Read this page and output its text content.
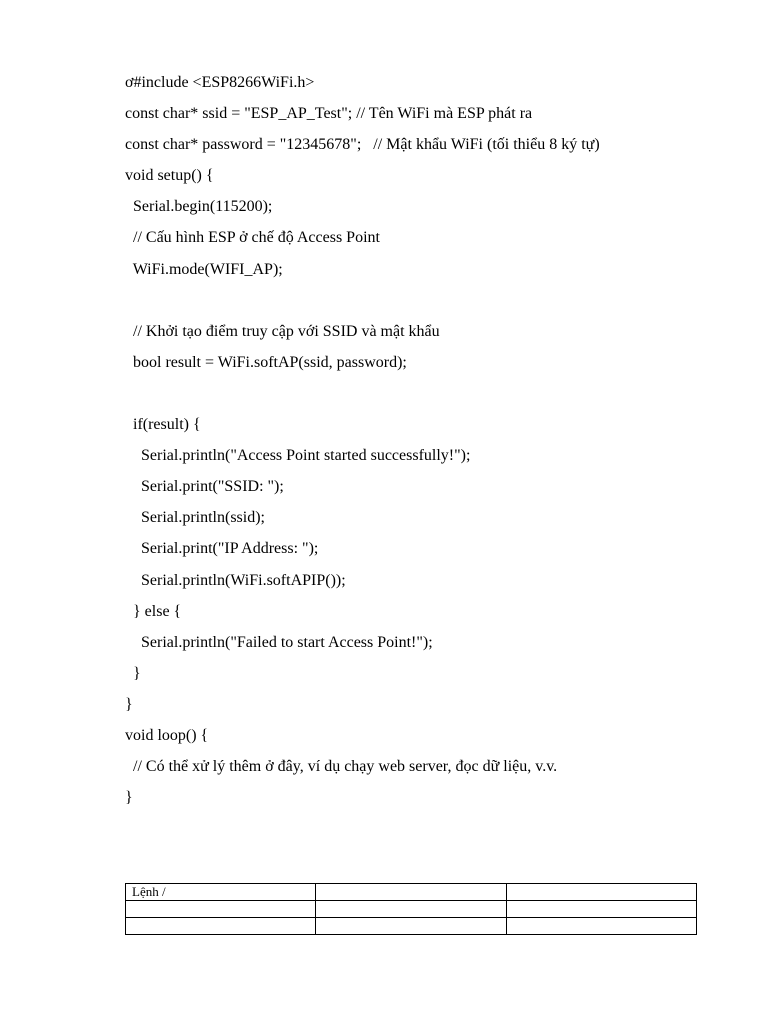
ơ#include <ESP8266WiFi.h>

const char* ssid = "ESP_AP_Test"; // Tên WiFi mà ESP phát ra

const char* password = "12345678";   // Mật khẩu WiFi (tối thiểu 8 ký tự)

void setup() {

Serial.begin(115200);

// Cấu hình ESP ở chế độ Access Point

WiFi.mode(WIFI_AP);

// Khởi tạo điểm truy cập với SSID và mật khẩu

bool result = WiFi.softAP(ssid, password);

if(result) {

Serial.println("Access Point started successfully!");

Serial.print("SSID: ");

Serial.println(ssid);

Serial.print("IP Address: ");

Serial.println(WiFi.softAPIP());

} else {

Serial.println("Failed to start Access Point!");

}

}

void loop() {

// Có thể xử lý thêm ở đây, ví dụ chạy web server, đọc dữ liệu, v.v.

}

Lệnh /		
